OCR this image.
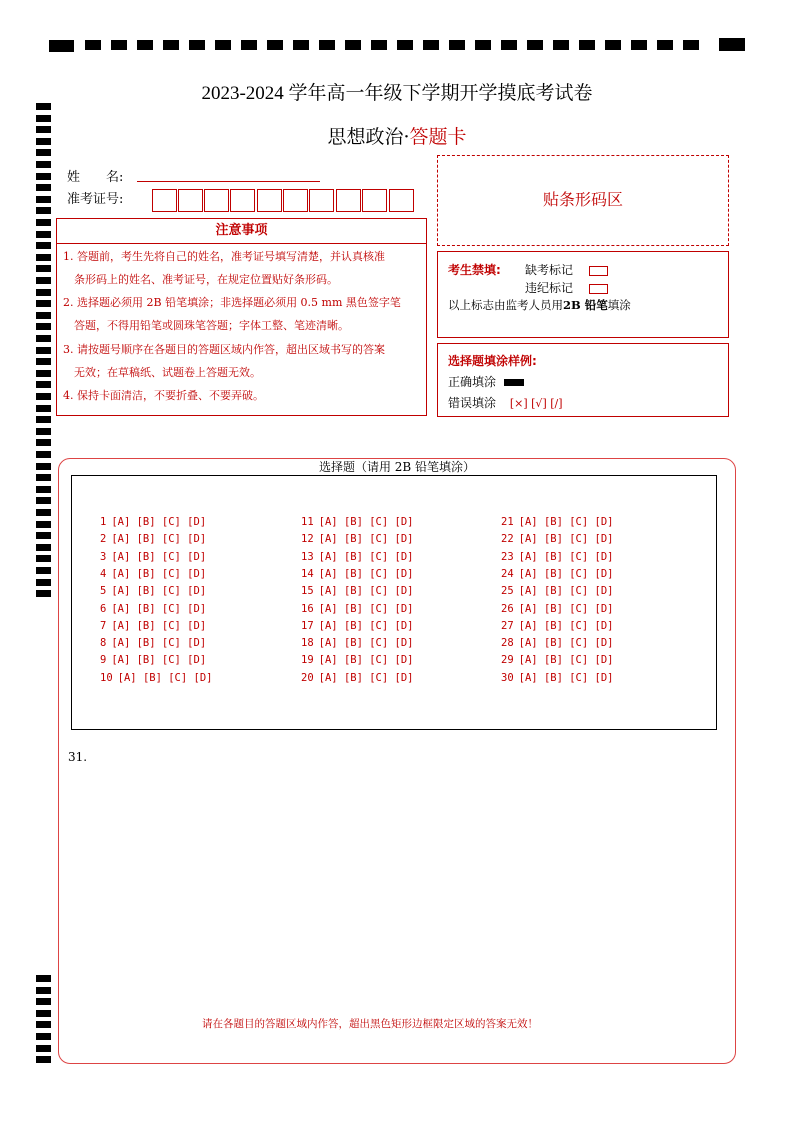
2023-2024 学年高一年级下学期开学摸底考试卷
思想政治·答题卡
姓　　名:
准考证号:
注意事项
1. 答题前，考生先将自己的姓名，准考证号填写清楚，并认真核准
　条形码上的姓名、准考证号，在规定位置贴好条形码。
2. 选择题必须用 2B 铅笔填涂；非选择题必须用 0.5 mm 黑色签字笔
　答题，不得用铅笔或圆珠笔答题；字体工整、笔迹清晰。
3. 请按题号顺序在各题目的答题区域内作答，超出区域书写的答案
　无效；在草稿纸、试题卷上答题无效。
4. 保持卡面清洁，不要折叠、不要弄破。
贴条形码区
考生禁填: 缺考标记
违纪标记
以上标志由监考人员用2B 铅笔填涂
选择题填涂样例:
正确填涂
错误填涂 [×] [√] [/]
选择题（请用 2B 铅笔填涂）
1 [A] [B] [C] [D]
2 [A] [B] [C] [D]
3 [A] [B] [C] [D]
4 [A] [B] [C] [D]
5 [A] [B] [C] [D]
6 [A] [B] [C] [D]
7 [A] [B] [C] [D]
8 [A] [B] [C] [D]
9 [A] [B] [C] [D]
10 [A] [B] [C] [D]
11 [A] [B] [C] [D]
12 [A] [B] [C] [D]
13 [A] [B] [C] [D]
14 [A] [B] [C] [D]
15 [A] [B] [C] [D]
16 [A] [B] [C] [D]
17 [A] [B] [C] [D]
18 [A] [B] [C] [D]
19 [A] [B] [C] [D]
20 [A] [B] [C] [D]
21 [A] [B] [C] [D]
22 [A] [B] [C] [D]
23 [A] [B] [C] [D]
24 [A] [B] [C] [D]
25 [A] [B] [C] [D]
26 [A] [B] [C] [D]
27 [A] [B] [C] [D]
28 [A] [B] [C] [D]
29 [A] [B] [C] [D]
30 [A] [B] [C] [D]
31.
请在各题目的答题区域内作答，超出黑色矩形边框限定区域的答案无效！
